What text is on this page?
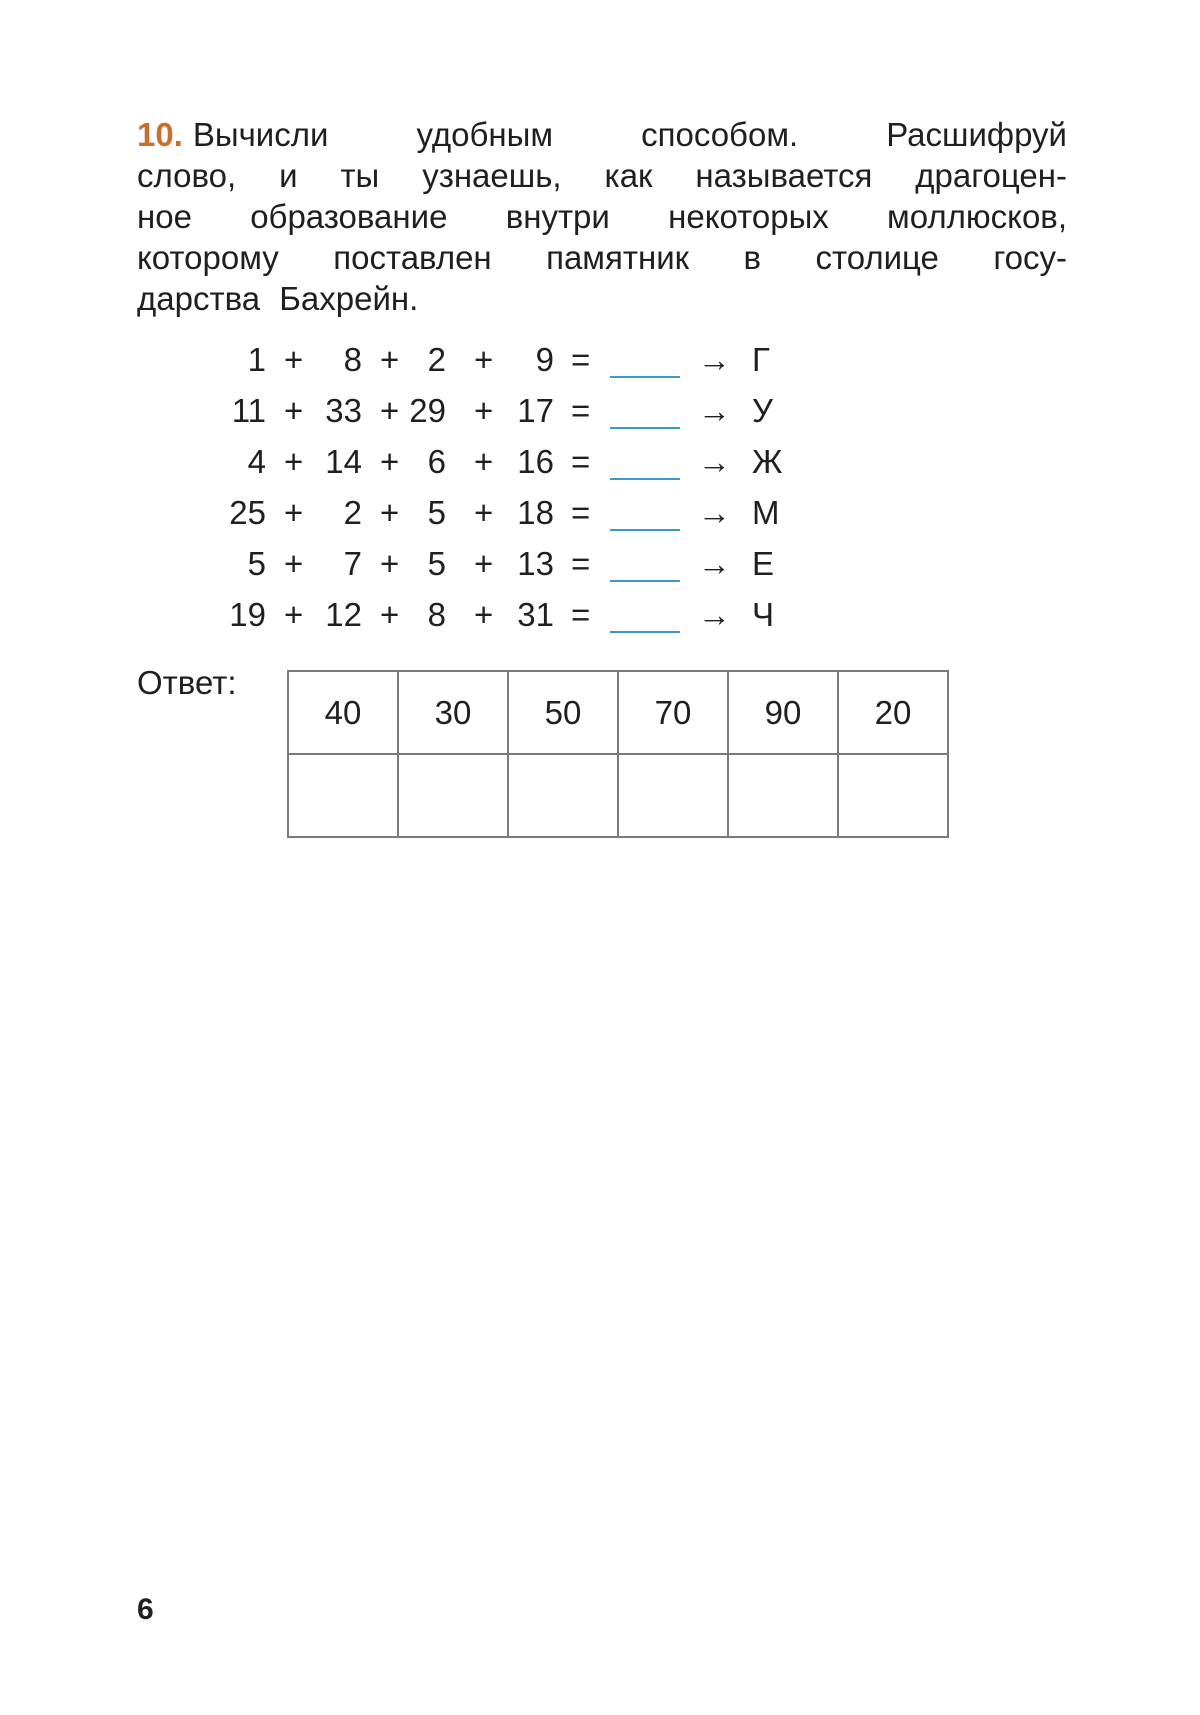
10. Вычисли удобным способом. Расшифруй
слово, и ты узнаешь, как называется драгоцен-
ное образование внутри некоторых моллюсков,
которому поставлен памятник в столице госу-
дарства Бахрейн.

1 +	8 + 2 +	9 =	→ Г
11 + 33 + 29 + 17 =	→ У
4 + 14 + 6 + 16 =	→ Ж
25 +	2 + 5 + 18 =	→ М
5 +	7 + 5 + 13 =	→ Е
19 + 12 + 8 + 31 =	→ Ч

Ответ:

40	30	50	70	90	20

6
